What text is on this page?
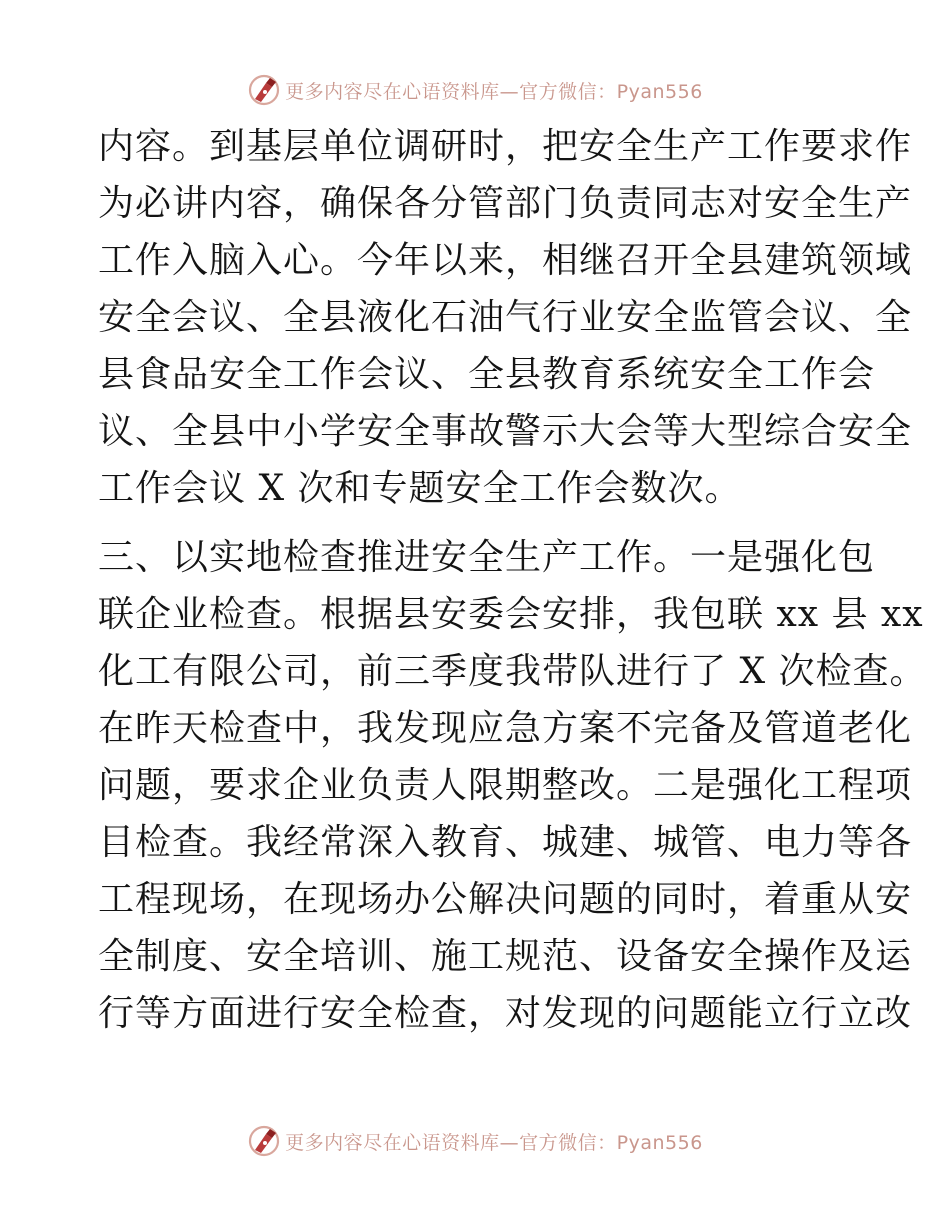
更多内容尽在心语资料库—官方微信：Pyan556
内容。到基层单位调研时，把安全生产工作要求作
为必讲内容，确保各分管部门负责同志对安全生产
工作入脑入心。今年以来，相继召开全县建筑领域
安全会议、全县液化石油气行业安全监管会议、全
县食品安全工作会议、全县教育系统安全工作会
议、全县中小学安全事故警示大会等大型综合安全
工作会议 X 次和专题安全工作会数次。
三、以实地检查推进安全生产工作。一是强化包
联企业检查。根据县安委会安排，我包联 xx 县 xx
化工有限公司，前三季度我带队进行了 X 次检查。
在昨天检查中，我发现应急方案不完备及管道老化
问题，要求企业负责人限期整改。二是强化工程项
目检查。我经常深入教育、城建、城管、电力等各
工程现场，在现场办公解决问题的同时，着重从安
全制度、安全培训、施工规范、设备安全操作及运
行等方面进行安全检查，对发现的问题能立行立改
更多内容尽在心语资料库—官方微信：Pyan556
